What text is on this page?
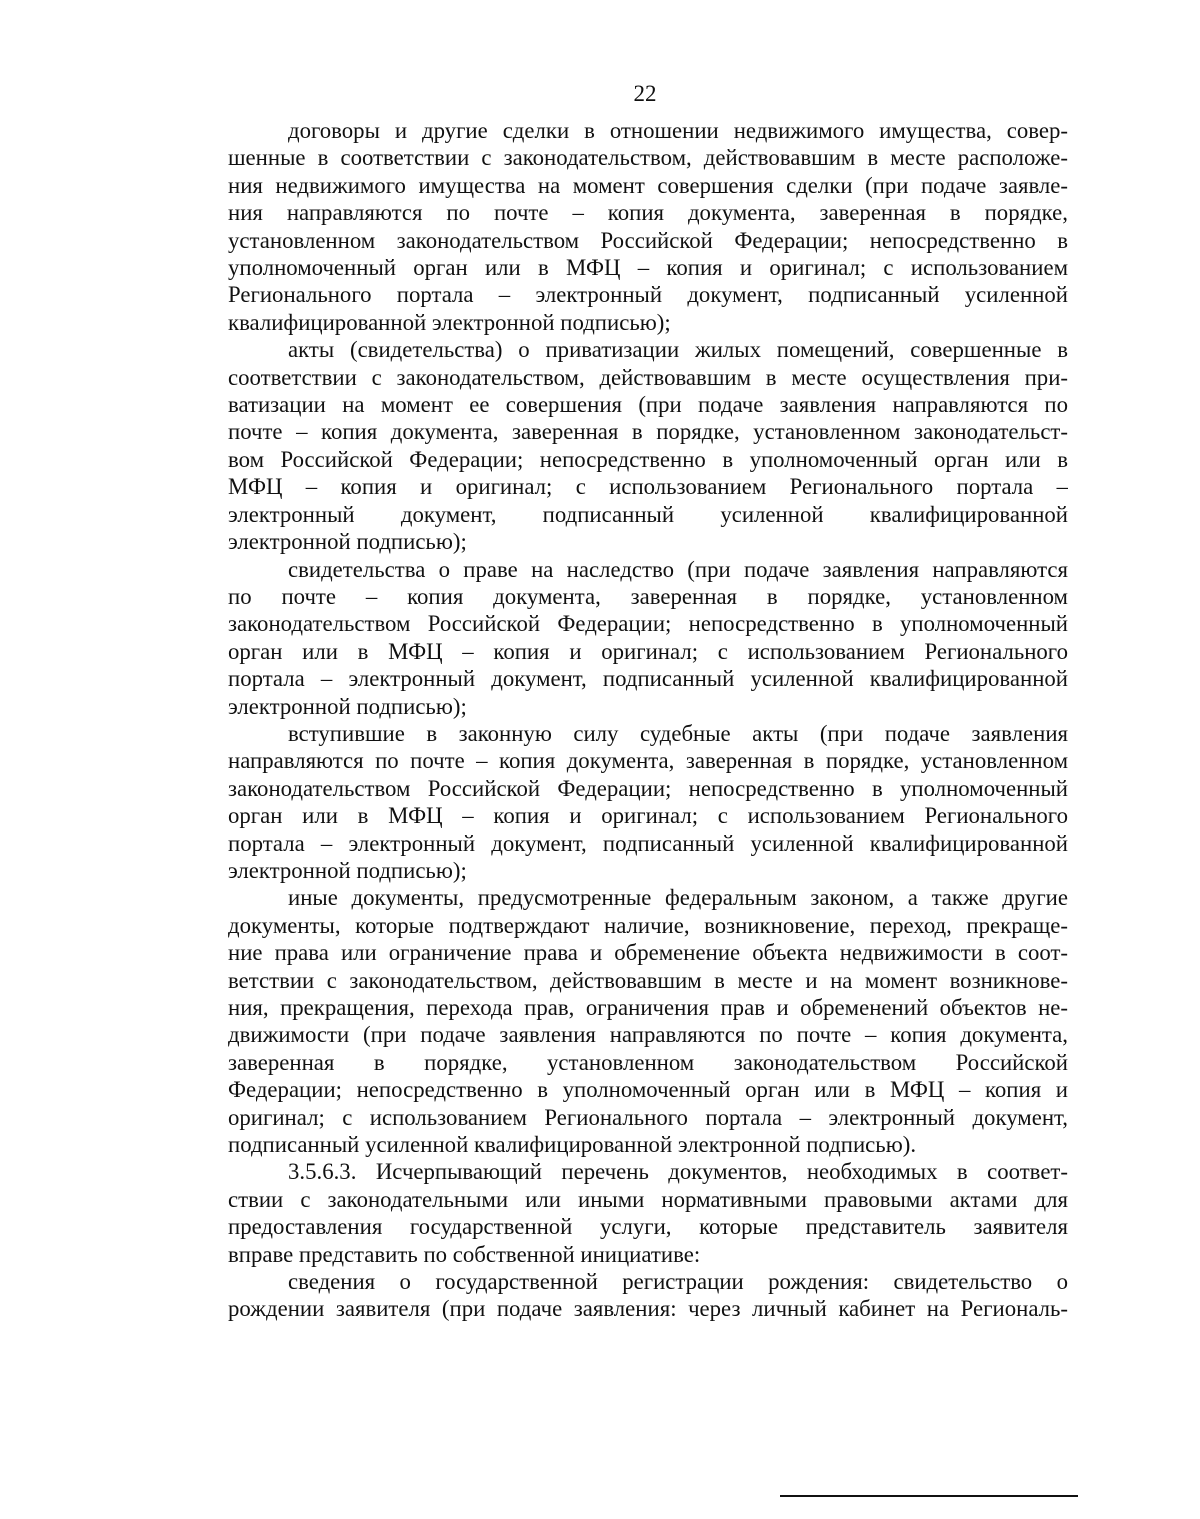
22

договоры и другие сделки в отношении недвижимого имущества, совер-
шенные в соответствии с законодательством, действовавшим в месте расположе-
ния недвижимого имущества на момент совершения сделки (при подаче заявле-
ния направляются по почте – копия документа, заверенная в порядке,
установленном законодательством Российской Федерации; непосредственно в
уполномоченный орган или в МФЦ – копия и оригинал; с использованием
Регионального портала – электронный документ, подписанный усиленной
квалифицированной электронной подписью);

акты (свидетельства) о приватизации жилых помещений, совершенные в
соответствии с законодательством, действовавшим в месте осуществления при-
ватизации на момент ее совершения (при подаче заявления направляются по
почте – копия документа, заверенная в порядке, установленном законодательст-
вом Российской Федерации; непосредственно в уполномоченный орган или в
МФЦ – копия и оригинал; с использованием Регионального портала –
электронный документ, подписанный усиленной квалифицированной
электронной подписью);

свидетельства о праве на наследство (при подаче заявления направляются
по почте – копия документа, заверенная в порядке, установленном
законодательством Российской Федерации; непосредственно в уполномоченный
орган или в МФЦ – копия и оригинал; с использованием Регионального
портала – электронный документ, подписанный усиленной квалифицированной
электронной подписью);

вступившие в законную силу судебные акты (при подаче заявления
направляются по почте – копия документа, заверенная в порядке, установленном
законодательством Российской Федерации; непосредственно в уполномоченный
орган или в МФЦ – копия и оригинал; с использованием Регионального
портала – электронный документ, подписанный усиленной квалифицированной
электронной подписью);

иные документы, предусмотренные федеральным законом, а также другие
документы, которые подтверждают наличие, возникновение, переход, прекраще-
ние права или ограничение права и обременение объекта недвижимости в соот-
ветствии с законодательством, действовавшим в месте и на момент возникнове-
ния, прекращения, перехода прав, ограничения прав и обременений объектов не-
движимости (при подаче заявления направляются по почте – копия документа,
заверенная в порядке, установленном законодательством Российской
Федерации; непосредственно в уполномоченный орган или в МФЦ – копия и
оригинал; с использованием Регионального портала – электронный документ,
подписанный усиленной квалифицированной электронной подписью).

3.5.6.3. Исчерпывающий перечень документов, необходимых в соответ-
ствии с законодательными или иными нормативными правовыми актами для
предоставления государственной услуги, которые представитель заявителя
вправе представить по собственной инициативе:

сведения о государственной регистрации рождения: свидетельство о
рождении заявителя (при подаче заявления: через личный кабинет на Региональ-
